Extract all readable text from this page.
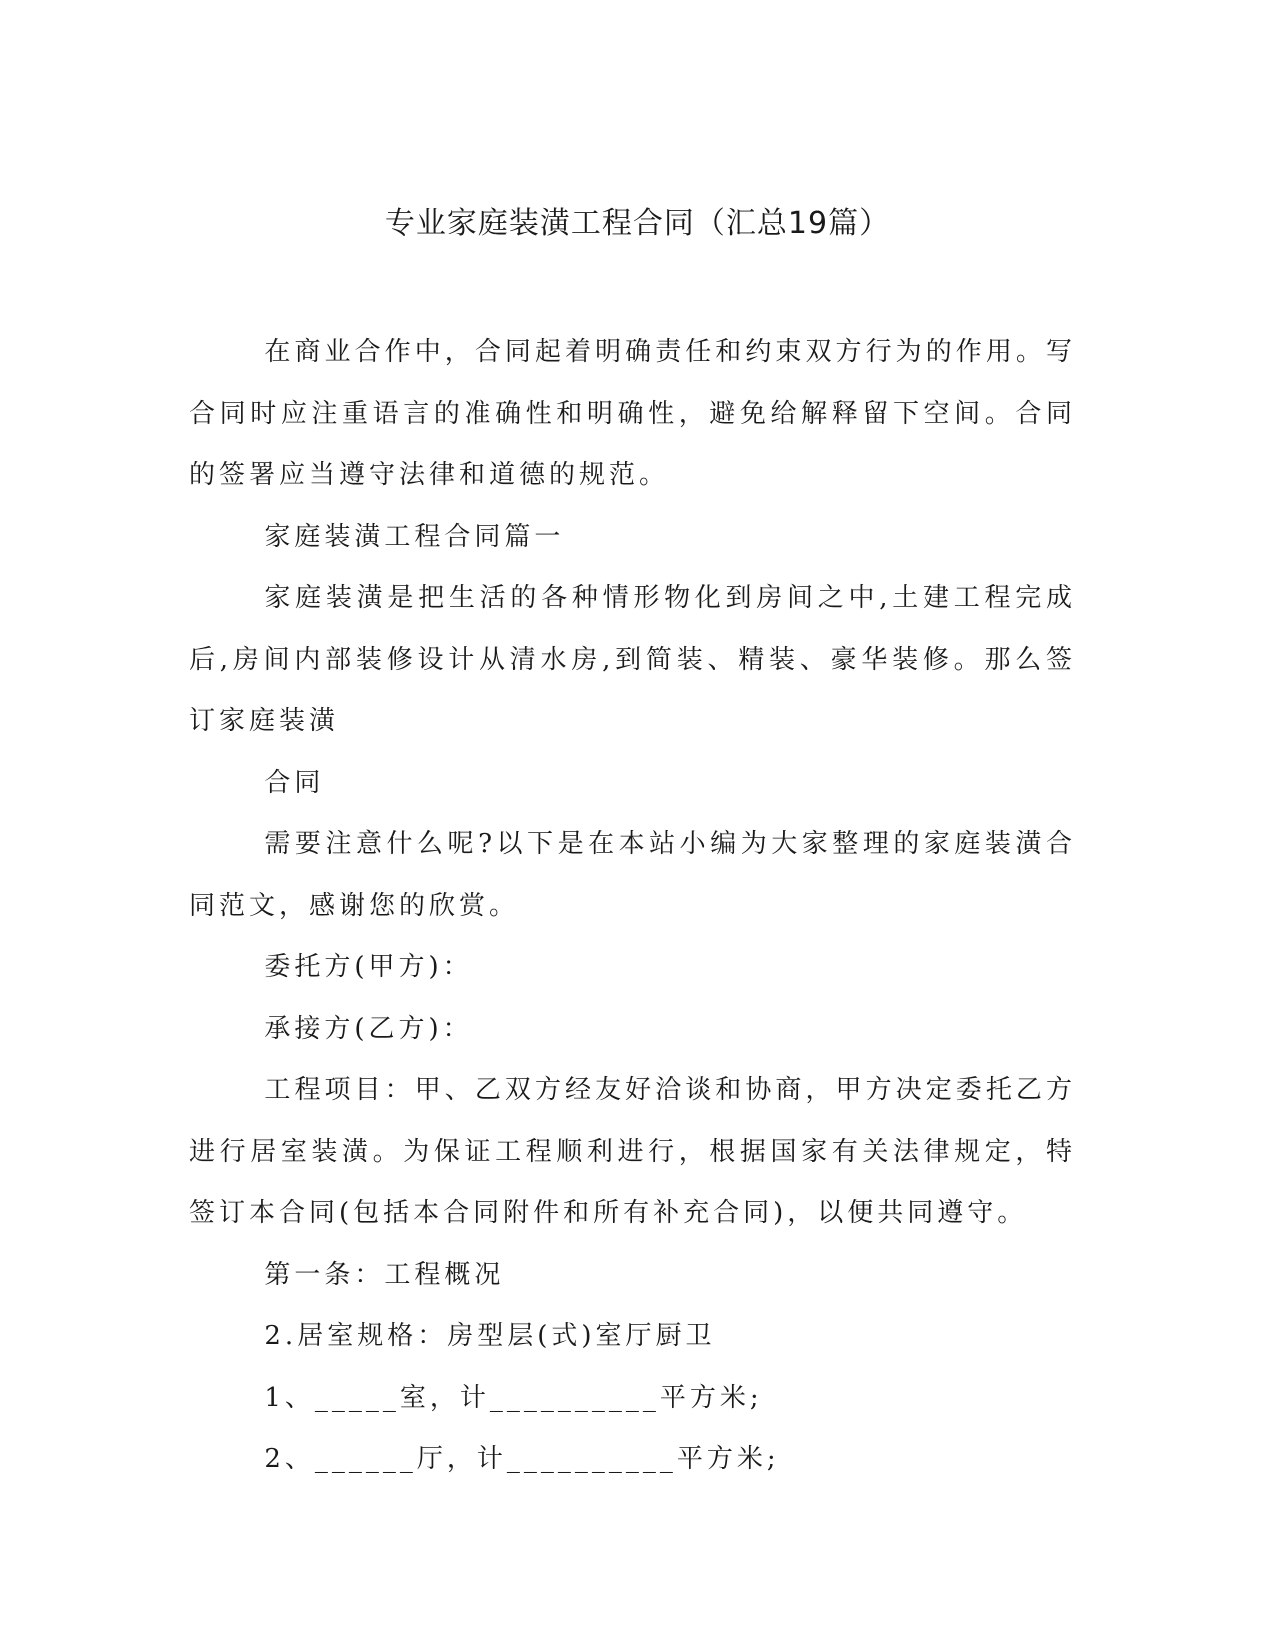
专业家庭装潢工程合同（汇总19篇）

在商业合作中，合同起着明确责任和约束双方行为的作用。写合同时应注重语言的准确性和明确性，避免给解释留下空间。合同的签署应当遵守法律和道德的规范。

家庭装潢工程合同篇一

家庭装潢是把生活的各种情形物化到房间之中,土建工程完成后,房间内部装修设计从清水房,到简装、精装、豪华装修。那么签订家庭装潢

合同

需要注意什么呢?以下是在本站小编为大家整理的家庭装潢合同范文，感谢您的欣赏。

委托方(甲方)：

承接方(乙方)：

工程项目：甲、乙双方经友好洽谈和协商，甲方决定委托乙方进行居室装潢。为保证工程顺利进行，根据国家有关法律规定，特签订本合同(包括本合同附件和所有补充合同)，以便共同遵守。

第一条：工程概况

2.居室规格：房型层(式)室厅厨卫

1、_____室，计__________平方米;

2、______厅，计__________平方米;
